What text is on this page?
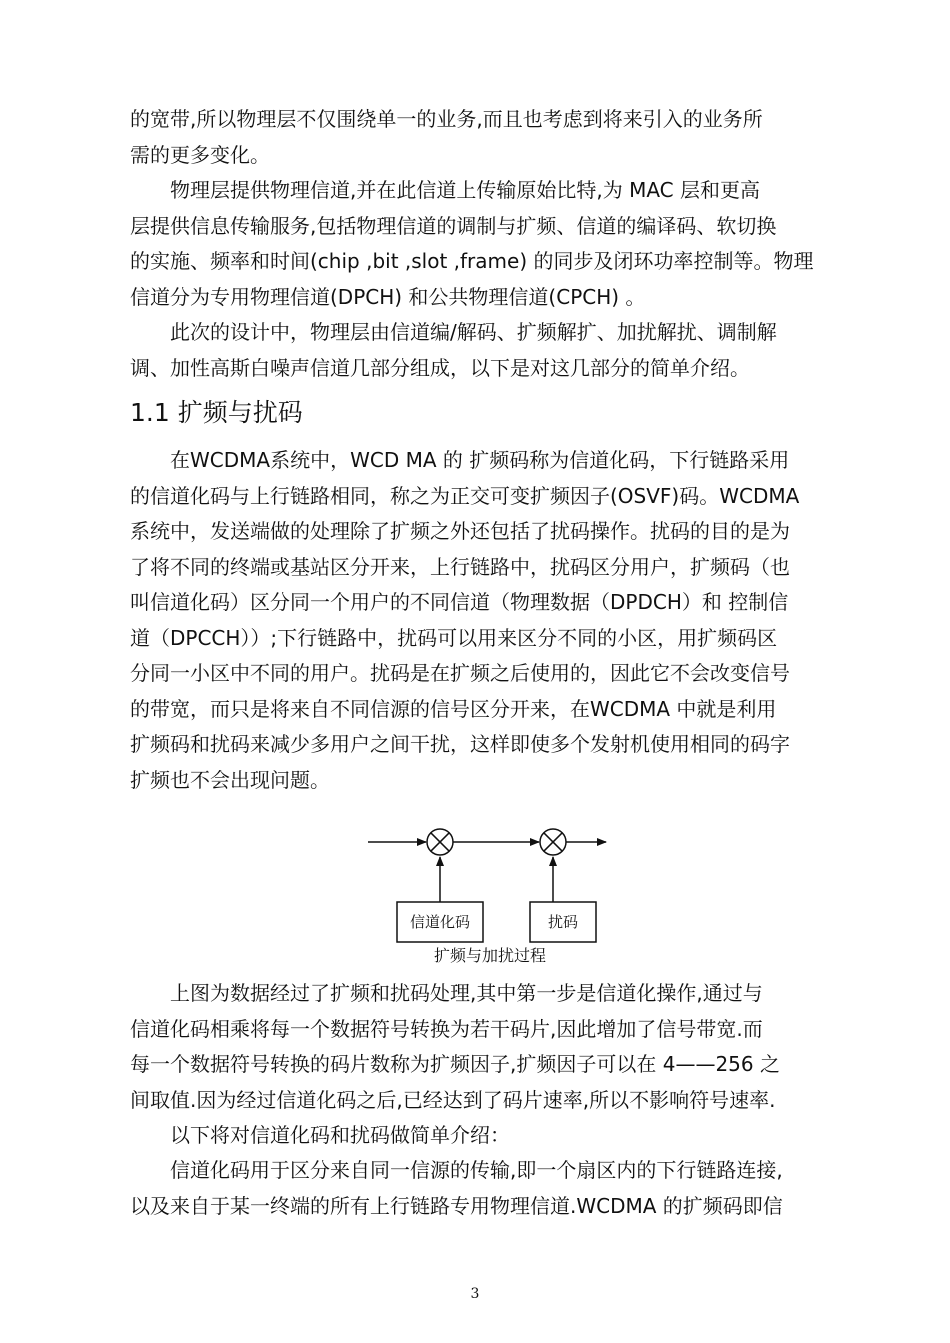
的宽带,所以物理层不仅围绕单一的业务,而且也考虑到将来引入的业务所
需的更多变化。
　　物理层提供物理信道,并在此信道上传输原始比特,为 MAC 层和更高
层提供信息传输服务,包括物理信道的调制与扩频、信道的编译码、软切换
的实施、频率和时间(chip ,bit ,slot ,frame) 的同步及闭环功率控制等。物理
信道分为专用物理信道(DPCH) 和公共物理信道(CPCH) 。
　　此次的设计中，物理层由信道编/解码、扩频解扩、加扰解扰、调制解
调、加性高斯白噪声信道几部分组成，以下是对这几部分的简单介绍。
1.1 扩频与扰码
　　在WCDMA系统中，WCD MA 的 扩频码称为信道化码，下行链路采用
的信道化码与上行链路相同，称之为正交可变扩频因子(OSVF)码。WCDMA
系统中，发送端做的处理除了扩频之外还包括了扰码操作。扰码的目的是为
了将不同的终端或基站区分开来，上行链路中，扰码区分用户，扩频码（也
叫信道化码）区分同一个用户的不同信道（物理数据（DPDCH）和 控制信
道（DPCCH））;下行链路中，扰码可以用来区分不同的小区，用扩频码区
分同一小区中不同的用户。扰码是在扩频之后使用的，因此它不会改变信号
的带宽，而只是将来自不同信源的信号区分开来，在WCDMA 中就是利用
扩频码和扰码来减少多用户之间干扰，这样即使多个发射机使用相同的码字
扩频也不会出现问题。
信道化码	扰码
扩频与加扰过程
　　上图为数据经过了扩频和扰码处理,其中第一步是信道化操作,通过与
信道化码相乘将每一个数据符号转换为若干码片,因此增加了信号带宽.而
每一个数据符号转换的码片数称为扩频因子,扩频因子可以在 4——256 之
间取值.因为经过信道化码之后,已经达到了码片速率,所以不影响符号速率.
　　以下将对信道化码和扰码做简单介绍：
　　信道化码用于区分来自同一信源的传输,即一个扇区内的下行链路连接,
以及来自于某一终端的所有上行链路专用物理信道.WCDMA 的扩频码即信
3
